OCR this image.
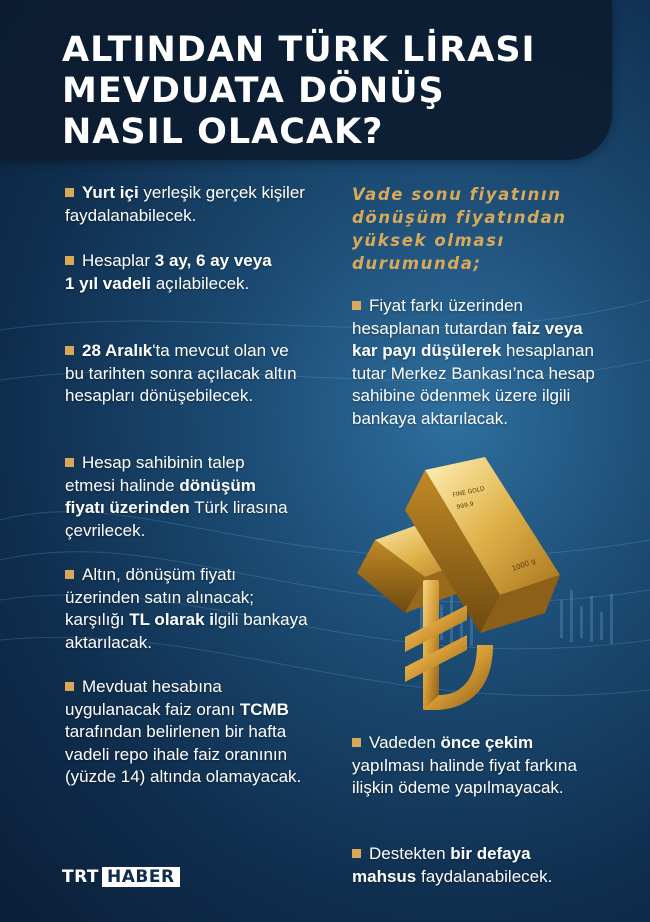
ALTINDAN TÜRK LİRASI
MEVDUATA DÖNÜŞ
NASIL OLACAK?
Yurt içi yerleşik gerçek kişiler faydalanabilecek.
Hesaplar 3 ay, 6 ay veya 1 yıl vadeli açılabilecek.
28 Aralık'ta mevcut olan ve bu tarihten sonra açılacak altın hesapları dönüşebilecek.
Hesap sahibinin talep etmesi halinde dönüşüm fiyatı üzerinden Türk lirasına çevrilecek.
Altın, dönüşüm fiyatı üzerinden satın alınacak; karşılığı TL olarak ilgili bankaya aktarılacak.
Mevduat hesabına uygulanacak faiz oranı TCMB tarafından belirlenen bir hafta vadeli repo ihale faiz oranının (yüzde 14) altında olamayacak.
Vade sonu fiyatının dönüşüm fiyatından yüksek olması durumunda;
Fiyat farkı üzerinden hesaplanan tutardan faiz veya kar payı düşülerek hesaplanan tutar Merkez Bankası’nca hesap sahibine ödenmek üzere ilgili bankaya aktarılacak.
FINE GOLD
999.9
1000 g
Vadeden önce çekim yapılması halinde fiyat farkına ilişkin ödeme yapılmayacak.
Destekten bir defaya mahsus faydalanabilecek.
TRT HABER
